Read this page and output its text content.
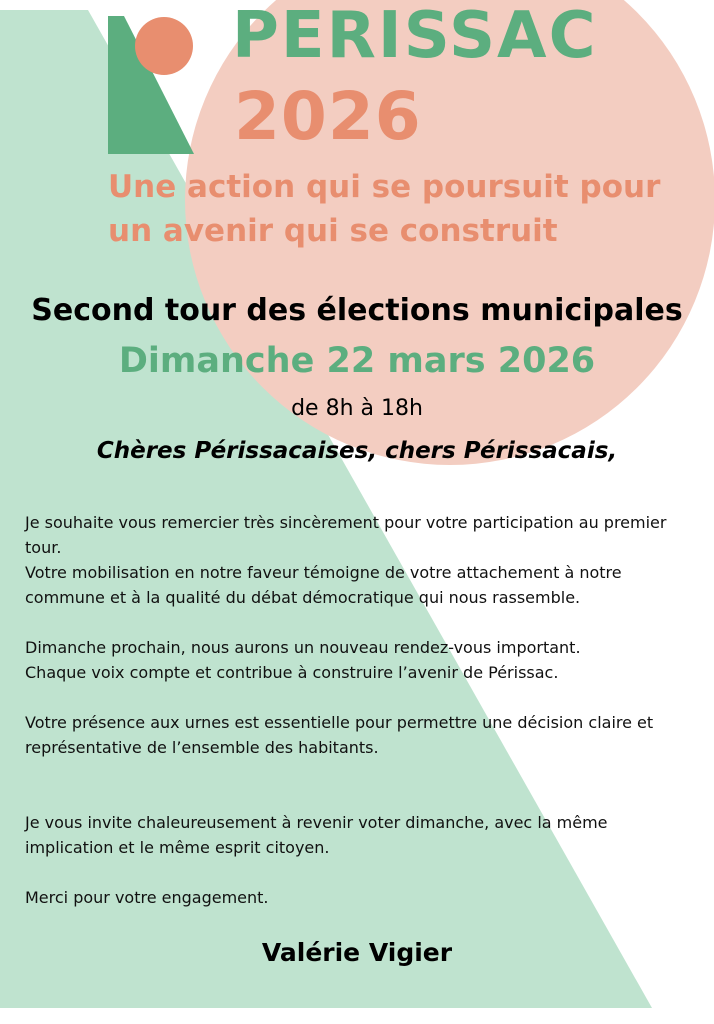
PERISSAC
2026
Une action qui se poursuit pour
un avenir qui se construit
Second tour des élections municipales
Dimanche 22 mars 2026
de 8h à 18h
Chères Périssacaises, chers Périssacais,

Je souhaite vous remercier très sincèrement pour votre participation au premier tour.

Votre mobilisation en notre faveur témoigne de votre attachement à notre commune et à la qualité du débat démocratique qui nous rassemble.

Dimanche prochain, nous aurons un nouveau rendez-vous important.

Chaque voix compte et contribue à construire l’avenir de Périssac.

Votre présence aux urnes est essentielle pour permettre une décision claire et représentative de l’ensemble des habitants.

Je vous invite chaleureusement à revenir voter dimanche, avec la même implication et le même esprit citoyen.

Merci pour votre engagement.

Valérie Vigier
